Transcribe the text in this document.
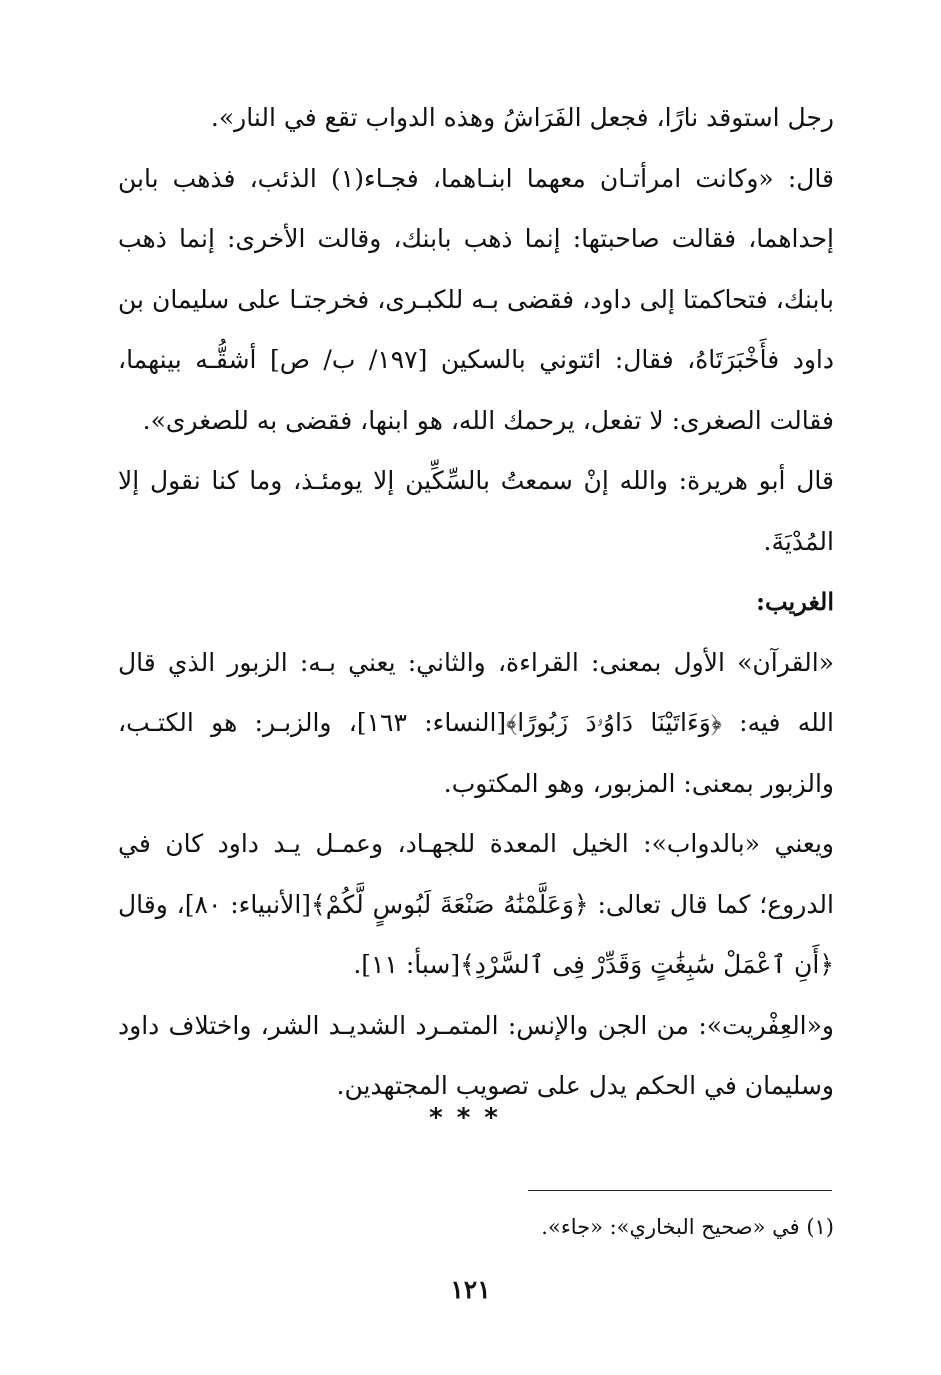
رجل استوقد نارًا، فجعل الفَرَاشُ وهذه الدواب تقع في النار».

قال: «وكانت امرأتـان معهما ابنـاهما، فجـاء(١) الذئب، فذهب بابن إحداهما، فقالت صاحبتها: إنما ذهب بابنك، وقالت الأخرى: إنما ذهب بابنك، فتحاكمتا إلى داود، فقضى بـه للكبـرى، فخرجتـا على سليمان بن داود فأَخْبَرَتَاهُ، فقال: ائتوني بالسكين [١٩٧/ ب/ ص] أشقُّـه بينهما، فقالت الصغرى: لا تفعل، يرحمك الله، هو ابنها، فقضى به للصغرى».

قال أبو هريرة: والله إنْ سمعتُ بالسِّكِّين إلا يومئـذ، وما كنا نقول إلا المُدْيَةَ.

الغريب:

«القرآن» الأول بمعنى: القراءة، والثاني: يعني بـه: الزبور الذي قال الله فيه: ﴿وَءَاتَيْنَا دَاوُۥدَ زَبُورًا﴾[النساء: ١٦٣]، والزبـر: هو الكتـب، والزبور بمعنى: المزبور، وهو المكتوب.

ويعني «بالدواب»: الخيل المعدة للجهـاد، وعمـل يـد داود كان في الدروع؛ كما قال تعالى: ﴿وَعَلَّمْنَٰهُ صَنْعَةَ لَبُوسٍ لَّكُمْ﴾[الأنبياء: ٨٠]، وقال ﴿أَنِ ٱعْمَلْ سَٰبِغَٰتٍ وَقَدِّرْ فِى ٱلسَّرْدِ﴾[سبأ: ١١].

و«العِفْريت»: من الجن والإنس: المتمـرد الشديـد الشر، واختلاف داود وسليمان في الحكم يدل على تصويب المجتهدين.

***
(١) في «صحيح البخاري»: «جاء».
١٢١
